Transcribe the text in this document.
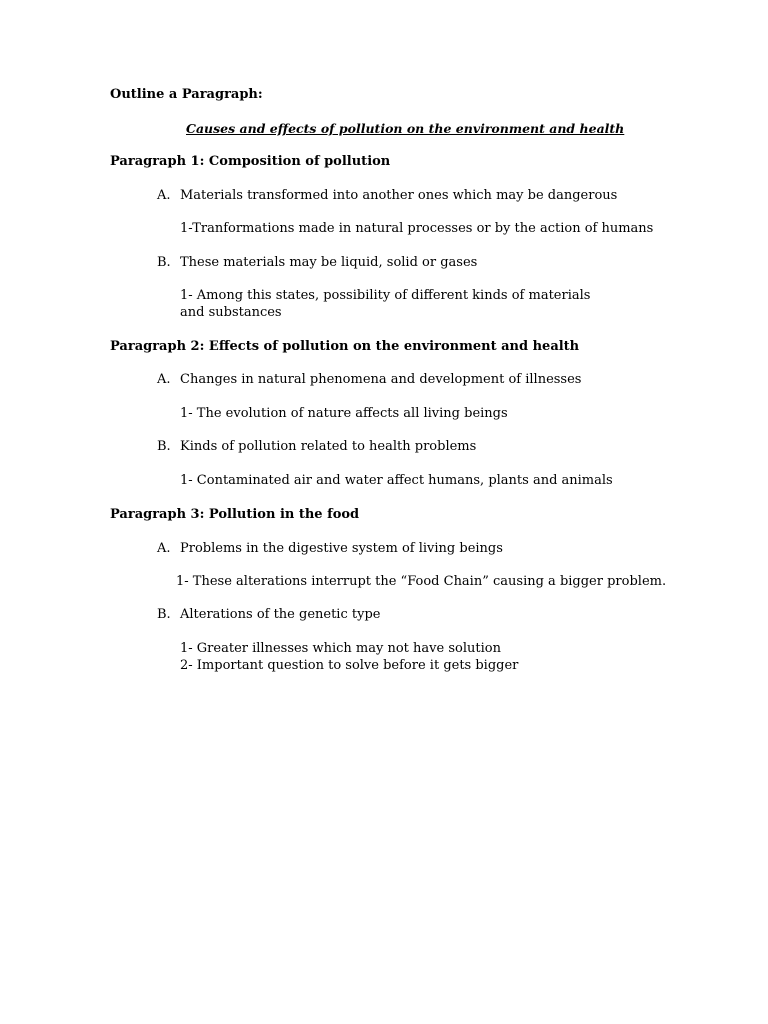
Outline a Paragraph:
Causes and effects of pollution on the environment and health
Paragraph 1: Composition of pollution
A. Materials transformed into another ones which may be dangerous
1-Tranformations made in natural processes or by the action of humans
B. These materials may be liquid, solid or gases
1- Among this states, possibility of different kinds of materials and substances
Paragraph 2: Effects of pollution on the environment and health
A. Changes in natural phenomena and development of illnesses
1- The evolution of nature affects all living beings
B. Kinds of pollution related to health problems
1- Contaminated air and water affect humans, plants and animals
Paragraph 3: Pollution in the food
A. Problems in the digestive system of living beings
1- These alterations interrupt the “Food Chain” causing a bigger problem.
B. Alterations of the genetic type
1- Greater illnesses which may not have solution
2- Important question to solve before it gets bigger
